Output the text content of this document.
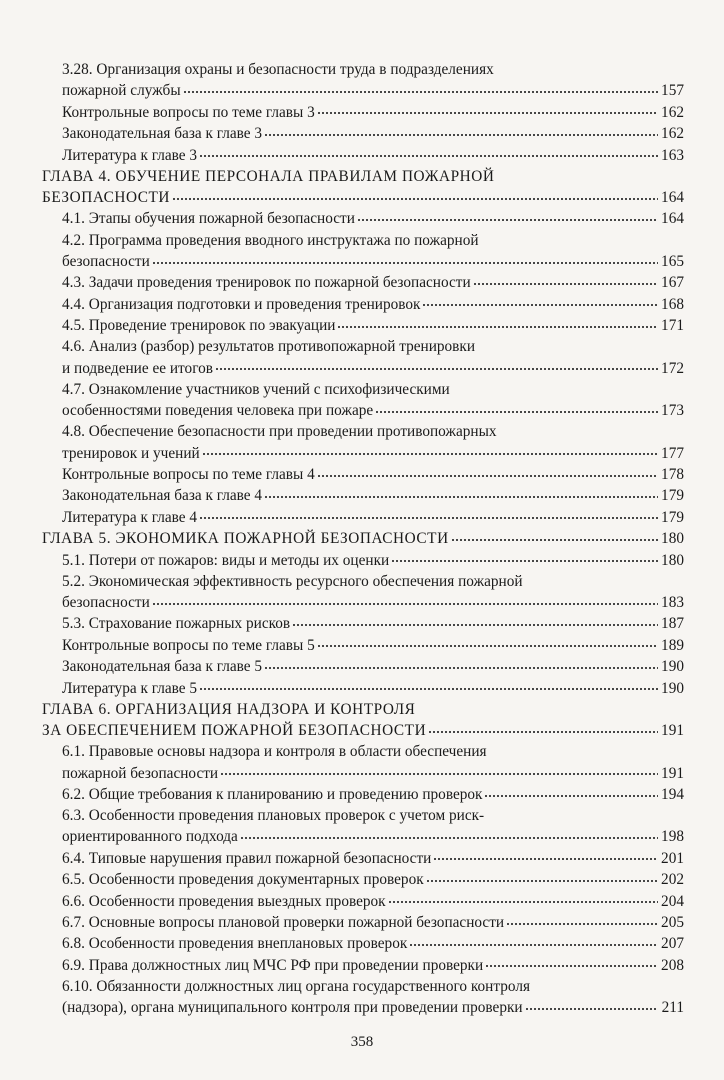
3.28. Организация охраны и безопасности труда в подразделениях
пожарной службы	157
Контрольные вопросы по теме главы 3	162
Законодательная база к главе 3	162
Литература к главе 3	163
ГЛАВА 4. ОБУЧЕНИЕ ПЕРСОНАЛА ПРАВИЛАМ ПОЖАРНОЙ
БЕЗОПАСНОСТИ	164
4.1. Этапы обучения пожарной безопасности	164
4.2. Программа проведения вводного инструктажа по пожарной
безопасности	165
4.3. Задачи проведения тренировок по пожарной безопасности	167
4.4. Организация подготовки и проведения тренировок	168
4.5. Проведение тренировок по эвакуации	171
4.6. Анализ (разбор) результатов противопожарной тренировки
и подведение ее итогов	172
4.7. Ознакомление участников учений с психофизическими
особенностями поведения человека при пожаре	173
4.8. Обеспечение безопасности при проведении противопожарных
тренировок и учений	177
Контрольные вопросы по теме главы 4	178
Законодательная база к главе 4	179
Литература к главе 4	179
ГЛАВА 5. ЭКОНОМИКА ПОЖАРНОЙ БЕЗОПАСНОСТИ	180
5.1. Потери от пожаров: виды и методы их оценки	180
5.2. Экономическая эффективность ресурсного обеспечения пожарной
безопасности	183
5.3. Страхование пожарных рисков	187
Контрольные вопросы по теме главы 5	189
Законодательная база к главе 5	190
Литература к главе 5	190
ГЛАВА 6. ОРГАНИЗАЦИЯ НАДЗОРА И КОНТРОЛЯ
ЗА ОБЕСПЕЧЕНИЕМ ПОЖАРНОЙ БЕЗОПАСНОСТИ	191
6.1. Правовые основы надзора и контроля в области обеспечения
пожарной безопасности	191
6.2. Общие требования к планированию и проведению проверок	194
6.3. Особенности проведения плановых проверок с учетом риск-
ориентированного подхода	198
6.4. Типовые нарушения правил пожарной безопасности	201
6.5. Особенности проведения документарных проверок	202
6.6. Особенности проведения выездных проверок	204
6.7. Основные вопросы плановой проверки пожарной безопасности	205
6.8. Особенности проведения внеплановых проверок	207
6.9. Права должностных лиц МЧС РФ при проведении проверки	208
6.10. Обязанности должностных лиц органа государственного контроля
(надзора), органа муниципального контроля при проведении проверки	211
358
